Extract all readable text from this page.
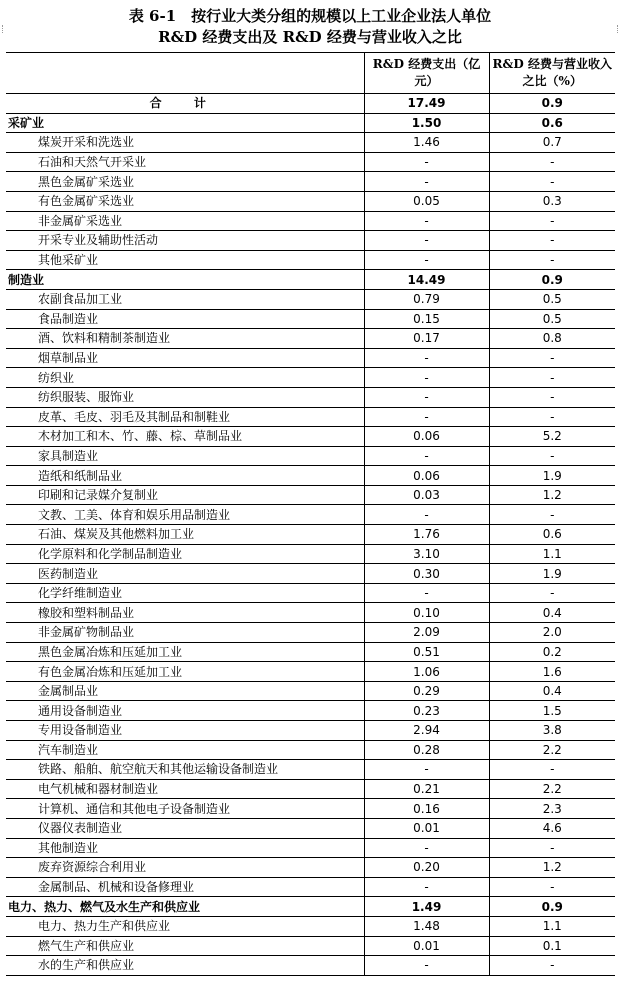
表 6-1　按行业大类分组的规模以上工业企业法人单位
R&D 经费支出及 R&D 经费与营业收入之比
	R&D 经费支出（亿元）	R&D 经费与营业收入之比（%）
合 计	17.49	0.9
采矿业	1.50	0.6
煤炭开采和洗选业	1.46	0.7
石油和天然气开采业	-	-
黑色金属矿采选业	-	-
有色金属矿采选业	0.05	0.3
非金属矿采选业	-	-
开采专业及辅助性活动	-	-
其他采矿业	-	-
制造业	14.49	0.9
农副食品加工业	0.79	0.5
食品制造业	0.15	0.5
酒、饮料和精制茶制造业	0.17	0.8
烟草制品业	-	-
纺织业	-	-
纺织服装、服饰业	-	-
皮革、毛皮、羽毛及其制品和制鞋业	-	-
木材加工和木、竹、藤、棕、草制品业	0.06	5.2
家具制造业	-	-
造纸和纸制品业	0.06	1.9
印刷和记录媒介复制业	0.03	1.2
文教、工美、体育和娱乐用品制造业	-	-
石油、煤炭及其他燃料加工业	1.76	0.6
化学原料和化学制品制造业	3.10	1.1
医药制造业	0.30	1.9
化学纤维制造业	-	-
橡胶和塑料制品业	0.10	0.4
非金属矿物制品业	2.09	2.0
黑色金属冶炼和压延加工业	0.51	0.2
有色金属冶炼和压延加工业	1.06	1.6
金属制品业	0.29	0.4
通用设备制造业	0.23	1.5
专用设备制造业	2.94	3.8
汽车制造业	0.28	2.2
铁路、船舶、航空航天和其他运输设备制造业	-	-
电气机械和器材制造业	0.21	2.2
计算机、通信和其他电子设备制造业	0.16	2.3
仪器仪表制造业	0.01	4.6
其他制造业	-	-
废弃资源综合利用业	0.20	1.2
金属制品、机械和设备修理业	-	-
电力、热力、燃气及水生产和供应业	1.49	0.9
电力、热力生产和供应业	1.48	1.1
燃气生产和供应业	0.01	0.1
水的生产和供应业	-	-
